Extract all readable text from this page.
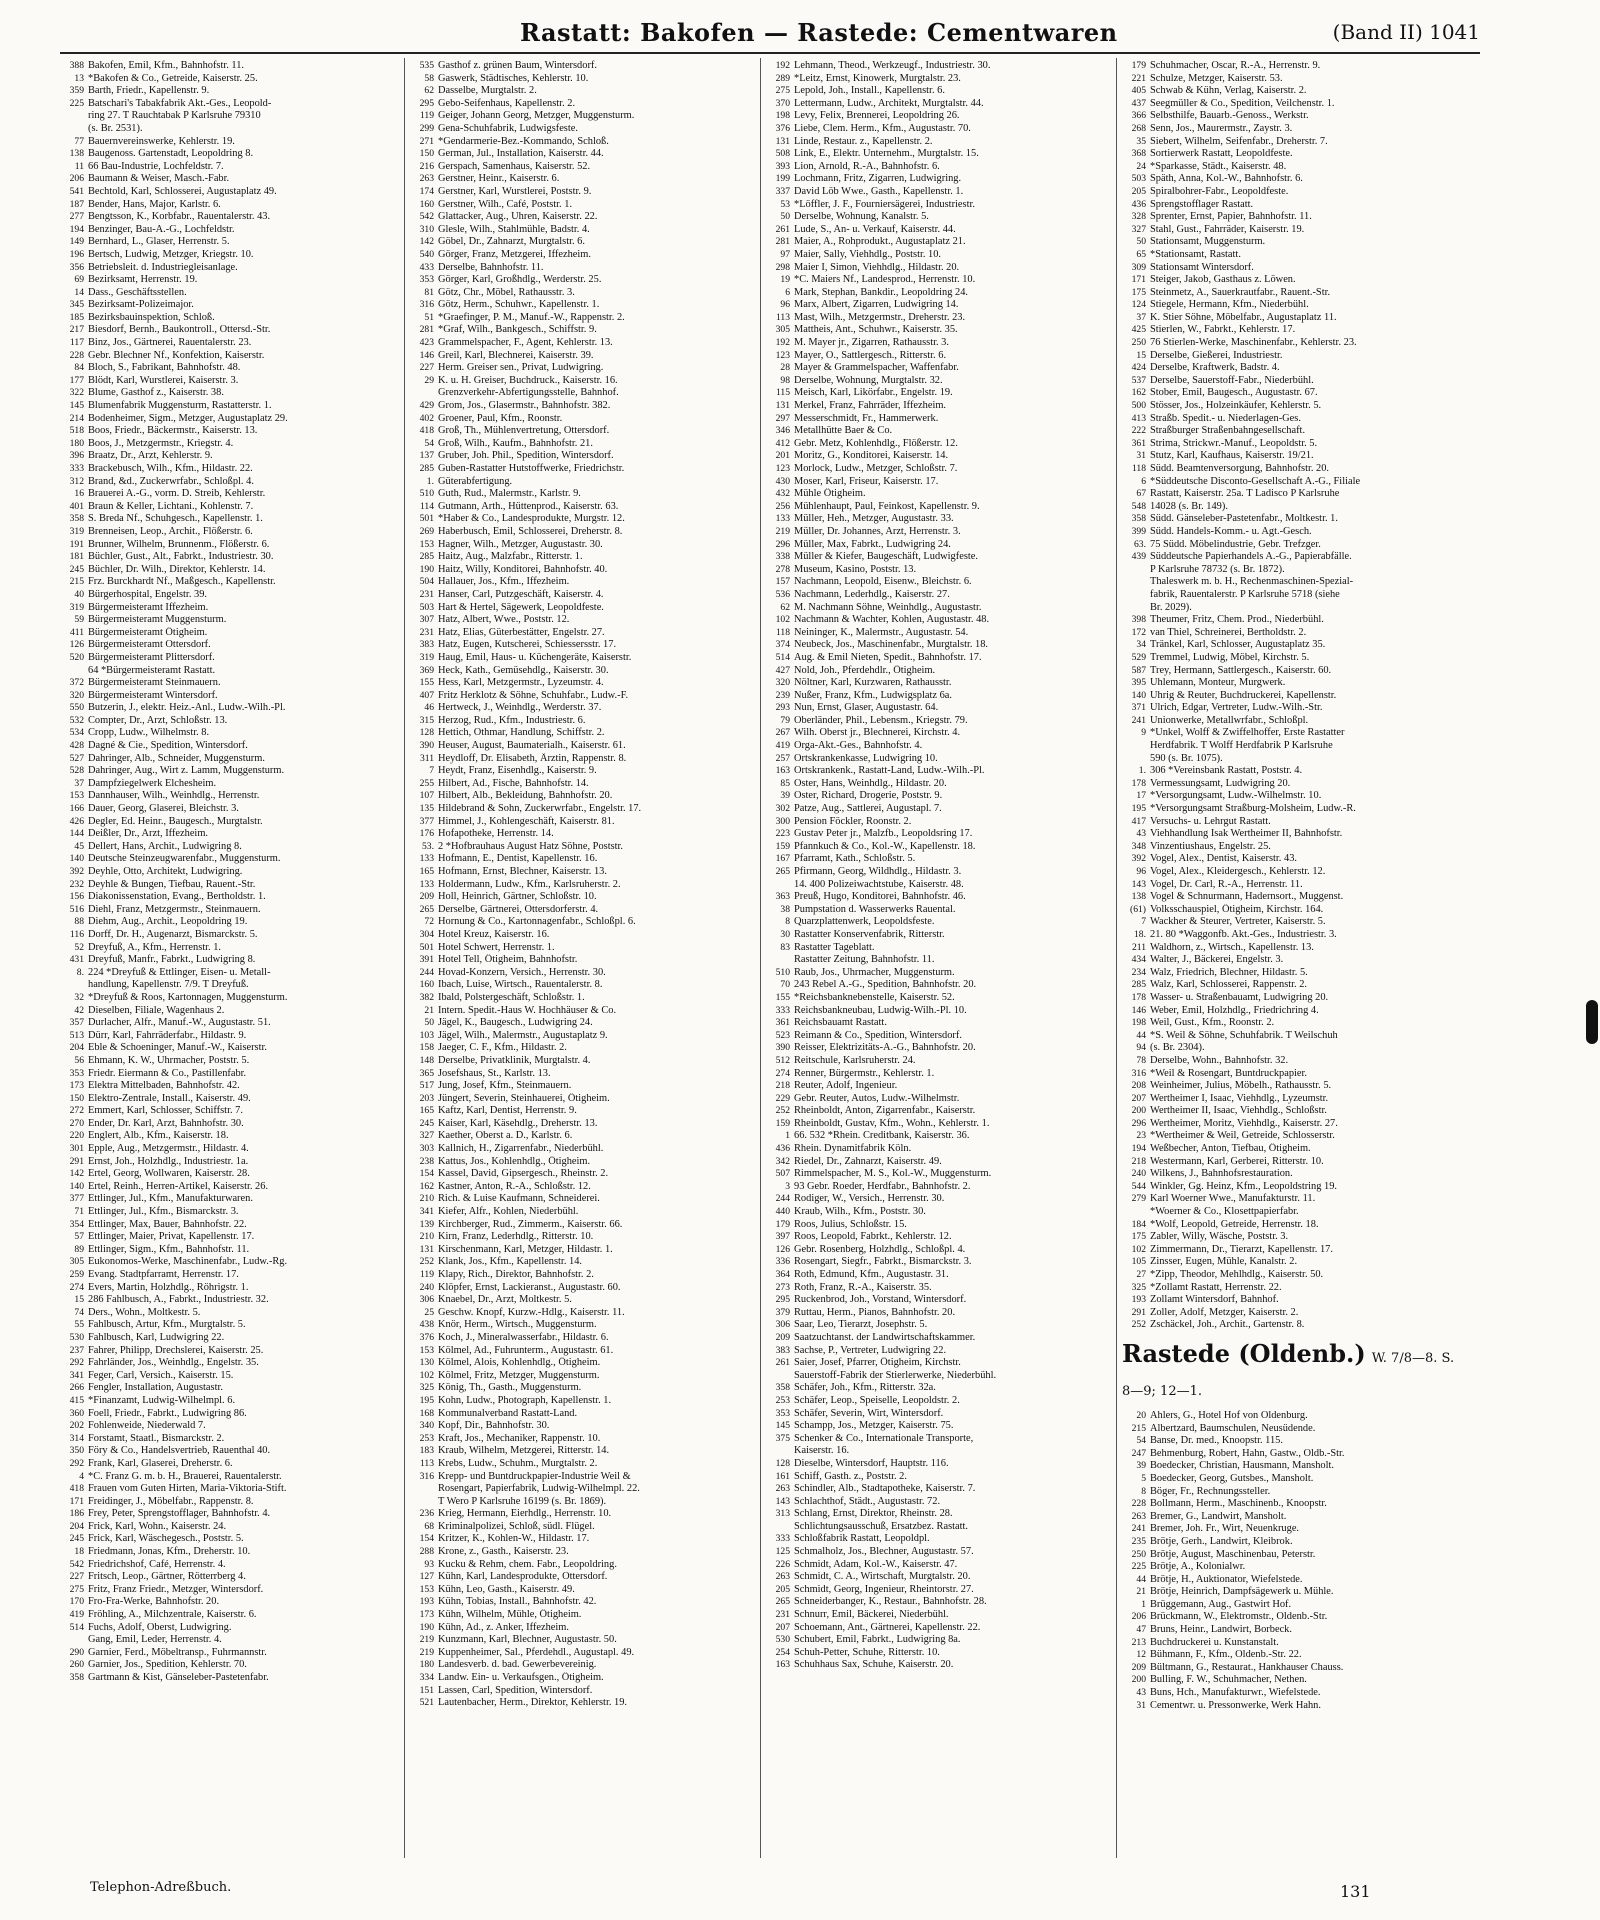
Rastatt: Bakofen — Rastede: Cementwaren	(Band II) 1041
388 Bakofen, Emil, Kfm., Bahnhofstr. 11.
13 *Bakofen & Co., Getreide, Kaiserstr. 25.
359 Barth, Friedr., Kapellenstr. 9.
225 Batschari's Tabakfabrik Akt.-Ges., Leopold-
ring 27. T Rauchtabak P Karlsruhe 79310
(s. Br. 2531).
77 Bauernvereinswerke, Kehlerstr. 19.
138 Baugenoss. Gartenstadt, Leopoldring 8.
11 66 Bau-Industrie, Lochfeldstr. 7.
206 Baumann & Weiser, Masch.-Fabr.
541 Bechtold, Karl, Schlosserei, Augustaplatz 49.
187 Bender, Hans, Major, Karlstr. 6.
277 Bengtsson, K., Korbfabr., Rauentalerstr. 43.
194 Benzinger, Bau-A.-G., Lochfeldstr.
149 Bernhard, L., Glaser, Herrenstr. 5.
196 Bertsch, Ludwig, Metzger, Kriegstr. 10.
356 Betriebsleit. d. Industriegleisanlage.
69 Bezirksamt, Herrenstr. 19.
14 Dass., Geschäftsstellen.
345 Bezirksamt-Polizeimajor.
185 Bezirksbauinspektion, Schloß.
217 Biesdorf, Bernh., Baukontroll., Ottersd.-Str.
117 Binz, Jos., Gärtnerei, Rauentalerstr. 23.
228 Gebr. Blechner Nf., Konfektion, Kaiserstr.
84 Bloch, S., Fabrikant, Bahnhofstr. 48.
177 Blödt, Karl, Wurstlerei, Kaiserstr. 3.
322 Blume, Gasthof z., Kaiserstr. 38.
145 Blumenfabrik Muggensturm, Rastatterstr. 1.
214 Bodenheimer, Sigm., Metzger, Augustaplatz 29.
518 Boos, Friedr., Bäckermstr., Kaiserstr. 13.
180 Boos, J., Metzgermstr., Kriegstr. 4.
396 Braatz, Dr., Arzt, Kehlerstr. 9.
333 Brackebusch, Wilh., Kfm., Hildastr. 22.
312 Brand, &d., Zuckerwrfabr., Schloßpl. 4.
16 Brauerei A.-G., vorm. D. Streib, Kehlerstr.
401 Braun & Keller, Lichtani., Kohlenstr. 7.
358 S. Breda Nf., Schuhgesch., Kapellenstr. 1.
319 Brenneisen, Leop., Archit., Flößerstr. 6.
191 Brunner, Wilhelm, Brunnenm., Flößerstr. 6.
181 Büchler, Gust., Alt., Fabrkt., Industriestr. 30.
245 Büchler, Dr. Wilh., Direktor, Kehlerstr. 14.
215 Frz. Burckhardt Nf., Maßgesch., Kapellenstr.
40 Bürgerhospital, Engelstr. 39.
319 Bürgermeisteramt Iffezheim.
59 Bürgermeisteramt Muggensturm.
411 Bürgermeisteramt Ötigheim.
126 Bürgermeisteramt Ottersdorf.
520 Bürgermeisteramt Plittersdorf.
64 *Bürgermeisteramt Rastatt.
372 Bürgermeisteramt Steinmauern.
320 Bürgermeisteramt Wintersdorf.
550 Butzerin, J., elektr. Heiz.-Anl., Ludw.-Wilh.-Pl.
532 Compter, Dr., Arzt, Schloßstr. 13.
534 Cropp, Ludw., Wilhelmstr. 8.
428 Dagné & Cie., Spedition, Wintersdorf.
527 Dahringer, Alb., Schneider, Muggensturm.
528 Dahringer, Aug., Wirt z. Lamm, Muggensturm.
37 Dampfziegelwerk Elchesheim.
153 Dannhauser, Wilh., Weinhdlg., Herrenstr.
166 Dauer, Georg, Glaserei, Bleichstr. 3.
426 Degler, Ed. Heinr., Baugesch., Murgtalstr.
144 Deißler, Dr., Arzt, Iffezheim.
45 Dellert, Hans, Archit., Ludwigring 8.
140 Deutsche Steinzeugwarenfabr., Muggensturm.
392 Deyhle, Otto, Architekt, Ludwigring.
232 Deyhle & Bungen, Tiefbau, Rauent.-Str.
156 Diakonissenstation, Evang., Bertholdstr. 1.
516 Diehl, Franz, Metzgermstr., Steinmauern.
88 Diehm, Aug., Archit., Leopoldring 19.
116 Dorff, Dr. H., Augenarzt, Bismarckstr. 5.
52 Dreyfuß, A., Kfm., Herrenstr. 1.
431 Dreyfuß, Manfr., Fabrkt., Ludwigring 8.
8. 224 *Dreyfuß & Ettlinger, Eisen- u. Metall-
handlung, Kapellenstr. 7/9. T Dreyfuß.
32 *Dreyfuß & Roos, Kartonnagen, Muggensturm.
42 Dieselben, Filiale, Wagenhaus 2.
357 Durlacher, Alfr., Manuf.-W., Augustastr. 51.
513 Dürr, Karl, Fahrräderfabr., Hildastr. 9.
204 Eble & Schoeninger, Manuf.-W., Kaiserstr.
56 Ehmann, K. W., Uhrmacher, Poststr. 5.
353 Friedr. Eiermann & Co., Pastillenfabr.
173 Elektra Mittelbaden, Bahnhofstr. 42.
150 Elektro-Zentrale, Install., Kaiserstr. 49.
272 Emmert, Karl, Schlosser, Schiffstr. 7.
270 Ender, Dr. Karl, Arzt, Bahnhofstr. 30.
220 Englert, Alb., Kfm., Kaiserstr. 18.
301 Epple, Aug., Metzgermstr., Hildastr. 4.
291 Ernst, Joh., Holzhdlg., Industriestr. 1a.
142 Ertel, Georg, Wollwaren, Kaiserstr. 28.
140 Ertel, Reinh., Herren-Artikel, Kaiserstr. 26.
377 Ettlinger, Jul., Kfm., Manufakturwaren.
71 Ettlinger, Jul., Kfm., Bismarckstr. 3.
354 Ettlinger, Max, Bauer, Bahnhofstr. 22.
57 Ettlinger, Maier, Privat, Kapellenstr. 17.
89 Ettlinger, Sigm., Kfm., Bahnhofstr. 11.
305 Eukonomos-Werke, Maschinenfabr., Ludw.-Rg.
259 Evang. Stadtpfarramt, Herrenstr. 17.
274 Evers, Martin, Holzhdlg., Röhrigstr. 1.
15 286 Fahlbusch, A., Fabrkt., Industriestr. 32.
74 Ders., Wohn., Moltkestr. 5.
55 Fahlbusch, Artur, Kfm., Murgtalstr. 5.
530 Fahlbusch, Karl, Ludwigring 22.
237 Fahrer, Philipp, Drechslerei, Kaiserstr. 25.
292 Fahrländer, Jos., Weinhdlg., Engelstr. 35.
341 Feger, Carl, Versich., Kaiserstr. 15.
266 Fengler, Installation, Augustastr.
415 *Finanzamt, Ludwig-Wilhelmpl. 6.
360 Foell, Friedr., Fabrkt., Ludwigring 86.
202 Fohlenweide, Niederwald 7.
314 Forstamt, Staatl., Bismarckstr. 2.
350 Föry & Co., Handelsvertrieb, Rauenthal 40.
292 Frank, Karl, Glaserei, Dreherstr. 6.
4 *C. Franz G. m. b. H., Brauerei, Rauentalerstr.
418 Frauen vom Guten Hirten, Maria-Viktoria-Stift.
171 Freidinger, J., Möbelfabr., Rappenstr. 8.
186 Frey, Peter, Sprengstofflager, Bahnhofstr. 4.
204 Frick, Karl, Wohn., Kaiserstr. 24.
245 Frick, Karl, Wäschegesch., Poststr. 5.
18 Friedmann, Jonas, Kfm., Dreherstr. 10.
542 Friedrichshof, Café, Herrenstr. 4.
227 Fritsch, Leop., Gärtner, Rötterrberg 4.
275 Fritz, Franz Friedr., Metzger, Wintersdorf.
170 Fro-Fra-Werke, Bahnhofstr. 20.
419 Fröhling, A., Milchzentrale, Kaiserstr. 6.
514 Fuchs, Adolf, Oberst, Ludwigring.
Gang, Emil, Leder, Herrenstr. 4.
290 Garnier, Ferd., Möbeltransp., Fuhrmannstr.
260 Garnier, Jos., Spedition, Kehlerstr. 70.
358 Gartmann & Kist, Gänseleber-Pastetenfabr.
535 Gasthof z. grünen Baum, Wintersdorf.
58 Gaswerk, Städtisches, Kehlerstr. 10.
62 Dasselbe, Murgtalstr. 2.
295 Gebo-Seifenhaus, Kapellenstr. 2.
119 Geiger, Johann Georg, Metzger, Muggensturm.
299 Gena-Schuhfabrik, Ludwigsfeste.
271 *Gendarmerie-Bez.-Kommando, Schloß.
150 German, Jul., Installation, Kaiserstr. 44.
216 Gerspach, Samenhaus, Kaiserstr. 52.
263 Gerstner, Heinr., Kaiserstr. 6.
174 Gerstner, Karl, Wurstlerei, Poststr. 9.
160 Gerstner, Wilh., Café, Poststr. 1.
542 Glattacker, Aug., Uhren, Kaiserstr. 22.
310 Glesle, Wilh., Stahlmühle, Badstr. 4.
142 Göbel, Dr., Zahnarzt, Murgtalstr. 6.
540 Görger, Franz, Metzgerei, Iffezheim.
433 Derselbe, Bahnhofstr. 11.
353 Görger, Karl, Großhdlg., Werderstr. 25.
81 Götz, Chr., Möbel, Rathausstr. 3.
316 Götz, Herm., Schuhwr., Kapellenstr. 1.
51 *Graefinger, P. M., Manuf.-W., Rappenstr. 2.
281 *Graf, Wilh., Bankgesch., Schiffstr. 9.
423 Grammelspacher, F., Agent, Kehlerstr. 13.
146 Greil, Karl, Blechnerei, Kaiserstr. 39.
227 Herm. Greiser sen., Privat, Ludwigring.
29 K. u. H. Greiser, Buchdruck., Kaiserstr. 16.
Grenzverkehr-Abfertigungsstelle, Bahnhof.
429 Grom, Jos., Glasermstr., Bahnhofstr. 382.
402 Groener, Paul, Kfm., Roonstr.
418 Groß, Th., Mühlenvertretung, Ottersdorf.
54 Groß, Wilh., Kaufm., Bahnhofstr. 21.
137 Gruber, Joh. Phil., Spedition, Wintersdorf.
285 Guben-Rastatter Hutstoffwerke, Friedrichstr.
1. Güterabfertigung.
510 Guth, Rud., Malermstr., Karlstr. 9.
114 Gutmann, Arth., Hüttenprod., Kaiserstr. 63.
501 *Haber & Co., Landesprodukte, Murgstr. 12.
269 Haberbusch, Emil, Schlosserei, Dreherstr. 8.
153 Hagner, Wilh., Metzger, Augustastr. 30.
285 Haitz, Aug., Malzfabr., Ritterstr. 1.
190 Haitz, Willy, Konditorei, Bahnhofstr. 40.
504 Hallauer, Jos., Kfm., Iffezheim.
231 Hanser, Carl, Putzgeschäft, Kaiserstr. 4.
503 Hart & Hertel, Sägewerk, Leopoldfeste.
307 Hatz, Albert, Wwe., Poststr. 12.
231 Hatz, Elias, Güterbestätter, Engelstr. 27.
383 Hatz, Eugen, Kutscherei, Schiessersstr. 17.
319 Haug, Emil, Haus- u. Küchengeräte, Kaiserstr.
369 Heck, Kath., Gemüsehdlg., Kaiserstr. 30.
155 Hess, Karl, Metzgermstr., Lyzeumstr. 4.
407 Fritz Herklotz & Söhne, Schuhfabr., Ludw.-F.
46 Hertweck, J., Weinhdlg., Werderstr. 37.
315 Herzog, Rud., Kfm., Industriestr. 6.
128 Hettich, Othmar, Handlung, Schiffstr. 2.
390 Heuser, August, Baumaterialh., Kaiserstr. 61.
311 Heydloff, Dr. Elisabeth, Ärztin, Rappenstr. 8.
7 Heydt, Franz, Eisenhdlg., Kaiserstr. 9.
255 Hilbert, Ad., Fische, Bahnhofstr. 14.
107 Hilbert, Alb., Bekleidung, Bahnhofstr. 20.
135 Hildebrand & Sohn, Zuckerwrfabr., Engelstr. 17.
377 Himmel, J., Kohlengeschäft, Kaiserstr. 81.
176 Hofapotheke, Herrenstr. 14.
53. 2 *Hofbrauhaus August Hatz Söhne, Poststr.
133 Hofmann, E., Dentist, Kapellenstr. 16.
165 Hofmann, Ernst, Blechner, Kaiserstr. 13.
133 Holdermann, Ludw., Kfm., Karlsruherstr. 2.
209 Holl, Heinrich, Gärtner, Schloßstr. 10.
265 Derselbe, Gärtnerei, Ottersdorferstr. 4.
72 Hornung & Co., Kartonnagenfabr., Schloßpl. 6.
304 Hotel Kreuz, Kaiserstr. 16.
501 Hotel Schwert, Herrenstr. 1.
391 Hotel Tell, Ötigheim, Bahnhofstr.
244 Hovad-Konzern, Versich., Herrenstr. 30.
160 Ibach, Luise, Wirtsch., Rauentalerstr. 8.
382 Ibald, Polstergeschäft, Schloßstr. 1.
21 Intern. Spedit.-Haus W. Hochhäuser & Co.
50 Jägel, K., Baugesch., Ludwigring 24.
103 Jägel, Wilh., Malermstr., Augustaplatz 9.
158 Jaeger, C. F., Kfm., Hildastr. 2.
148 Derselbe, Privatklinik, Murgtalstr. 4.
365 Josefshaus, St., Karlstr. 13.
517 Jung, Josef, Kfm., Steinmauern.
203 Jüngert, Severin, Steinhauerei, Ötigheim.
165 Kaftz, Karl, Dentist, Herrenstr. 9.
245 Kaiser, Karl, Käsehdlg., Dreherstr. 13.
327 Kaether, Oberst a. D., Karlstr. 6.
303 Kallnich, H., Zigarrenfabr., Niederbühl.
238 Kattus, Jos., Kohlenhdlg., Ötigheim.
154 Kassel, David, Gipsergesch., Rheinstr. 2.
162 Kastner, Anton, R.-A., Schloßstr. 12.
210 Rich. & Luise Kaufmann, Schneiderei.
341 Kiefer, Alfr., Kohlen, Niederbühl.
139 Kirchberger, Rud., Zimmerm., Kaiserstr. 66.
210 Kirn, Franz, Lederhdlg., Ritterstr. 10.
131 Kirschenmann, Karl, Metzger, Hildastr. 1.
252 Klank, Jos., Kfm., Kapellenstr. 14.
119 Klapy, Rich., Direktor, Bahnhofstr. 2.
240 Klöpfer, Ernst, Lackieranst., Augustastr. 60.
306 Knaebel, Dr., Arzt, Moltkestr. 5.
25 Geschw. Knopf, Kurzw.-Hdlg., Kaiserstr. 11.
438 Knör, Herm., Wirtsch., Muggensturm.
376 Koch, J., Mineralwasserfabr., Hildastr. 6.
153 Kölmel, Ad., Fuhrunterm., Augustastr. 61.
130 Kölmel, Alois, Kohlenhdlg., Ötigheim.
102 Kölmel, Fritz, Metzger, Muggensturm.
325 König, Th., Gasth., Muggensturm.
195 Kohn, Ludw., Photograph, Kapellenstr. 1.
168 Kommunalverband Rastatt-Land.
340 Kopf, Dir., Bahnhofstr. 30.
253 Kraft, Jos., Mechaniker, Rappenstr. 10.
183 Kraub, Wilhelm, Metzgerei, Ritterstr. 14.
113 Krebs, Ludw., Schuhm., Murgtalstr. 2.
316 Krepp- und Buntdruckpapier-Industrie Weil &
Rosengart, Papierfabrik, Ludwig-Wilhelmpl. 22.
T Wero P Karlsruhe 16199 (s. Br. 1869).
236 Krieg, Hermann, Eierhdlg., Herrenstr. 10.
68 Kriminalpolizei, Schloß, südl. Flügel.
154 Kritzer, K., Kohlen-W., Hildastr. 17.
288 Krone, z., Gasth., Kaiserstr. 23.
93 Kucku & Rehm, chem. Fabr., Leopoldring.
127 Kühn, Karl, Landesprodukte, Ottersdorf.
153 Kühn, Leo, Gasth., Kaiserstr. 49.
193 Kühn, Tobias, Install., Bahnhofstr. 42.
173 Kühn, Wilhelm, Mühle, Ötigheim.
190 Kühn, Ad., z. Anker, Iffezheim.
219 Kunzmann, Karl, Blechner, Augustastr. 50.
219 Kuppenheimer, Sal., Pferdehdl., Augustapl. 49.
180 Landesverb. d. bad. Gewerbevereinig.
334 Landw. Ein- u. Verkaufsgen., Ötigheim.
151 Lassen, Carl, Spedition, Wintersdorf.
521 Lautenbacher, Herm., Direktor, Kehlerstr. 19.
192 Lehmann, Theod., Werkzeugf., Industriestr. 30.
289 *Leitz, Ernst, Kinowerk, Murgtalstr. 23.
275 Lepold, Joh., Install., Kapellenstr. 6.
370 Lettermann, Ludw., Architekt, Murgtalstr. 44.
198 Levy, Felix, Brennerei, Leopoldring 26.
376 Liebe, Clem. Herm., Kfm., Augustastr. 70.
131 Linde, Restaur. z., Kapellenstr. 2.
508 Link, E., Elektr. Unternehm., Murgtalstr. 15.
393 Lion, Arnold, R.-A., Bahnhofstr. 6.
199 Lochmann, Fritz, Zigarren, Ludwigring.
337 David Löb Wwe., Gasth., Kapellenstr. 1.
53 *Löffler, J. F., Fourniersägerei, Industriestr.
50 Derselbe, Wohnung, Kanalstr. 5.
261 Lude, S., An- u. Verkauf, Kaiserstr. 44.
281 Maier, A., Rohprodukt., Augustaplatz 21.
97 Maier, Sally, Viehhdlg., Poststr. 10.
298 Maier I, Simon, Viehhdlg., Hildastr. 20.
19 *C. Maiers Nf., Landesprod., Herrenstr. 10.
6 Mark, Stephan, Bankdir., Leopoldring 24.
96 Marx, Albert, Zigarren, Ludwigring 14.
113 Mast, Wilh., Metzgermstr., Dreherstr. 23.
305 Mattheis, Ant., Schuhwr., Kaiserstr. 35.
192 M. Mayer jr., Zigarren, Rathausstr. 3.
123 Mayer, O., Sattlergesch., Ritterstr. 6.
28 Mayer & Grammelspacher, Waffenfabr.
98 Derselbe, Wohnung, Murgtalstr. 32.
115 Meisch, Karl, Likörfabr., Engelstr. 19.
131 Merkel, Franz, Fahrräder, Iffezheim.
297 Messerschmidt, Fr., Hammerwerk.
346 Metallhütte Baer & Co.
412 Gebr. Metz, Kohlenhdlg., Flößerstr. 12.
201 Moritz, G., Konditorei, Kaiserstr. 14.
123 Morlock, Ludw., Metzger, Schloßstr. 7.
430 Moser, Karl, Friseur, Kaiserstr. 17.
432 Mühle Ötigheim.
256 Mühlenhaupt, Paul, Feinkost, Kapellenstr. 9.
133 Müller, Heh., Metzger, Augustastr. 33.
219 Müller, Dr. Johannes, Arzt, Herrenstr. 3.
296 Müller, Max, Fabrkt., Ludwigring 24.
338 Müller & Kiefer, Baugeschäft, Ludwigfeste.
278 Museum, Kasino, Poststr. 13.
157 Nachmann, Leopold, Eisenw., Bleichstr. 6.
536 Nachmann, Lederhdlg., Kaiserstr. 27.
62 M. Nachmann Söhne, Weinhdlg., Augustastr.
102 Nachmann & Wachter, Kohlen, Augustastr. 48.
118 Neininger, K., Malermstr., Augustastr. 54.
374 Neubeck, Jos., Maschinenfabr., Murgtalstr. 18.
514 Aug. & Emil Nieten, Spedit., Bahnhofstr. 17.
427 Nold, Joh., Pferdehdlr., Ötigheim.
320 Nöltner, Karl, Kurzwaren, Rathausstr.
239 Nußer, Franz, Kfm., Ludwigsplatz 6a.
293 Nun, Ernst, Glaser, Augustastr. 64.
79 Oberländer, Phil., Lebensm., Kriegstr. 79.
267 Wilh. Oberst jr., Blechnerei, Kirchstr. 4.
419 Orga-Akt.-Ges., Bahnhofstr. 4.
257 Ortskrankenkasse, Ludwigring 10.
163 Ortskrankenk., Rastatt-Land, Ludw.-Wilh.-Pl.
85 Oster, Hans, Weinhdlg., Hildastr. 20.
39 Oster, Richard, Drogerie, Poststr. 9.
302 Patze, Aug., Sattlerei, Augustapl. 7.
300 Pension Föckler, Roonstr. 2.
223 Gustav Peter jr., Malzfb., Leopoldsring 17.
159 Pfannkuch & Co., Kol.-W., Kapellenstr. 18.
167 Pfarramt, Kath., Schloßstr. 5.
265 Pfirmann, Georg, Wildhdlg., Hildastr. 3.
14. 400 Polizeiwachtstube, Kaiserstr. 48.
363 Preuß, Hugo, Konditorei, Bahnhofstr. 46.
38 Pumpstation d. Wasserwerks Rauental.
8 Quarzplattenwerk, Leopoldsfeste.
30 Rastatter Konservenfabrik, Ritterstr.
83 Rastatter Tageblatt.
Rastatter Zeitung, Bahnhofstr. 11.
510 Raub, Jos., Uhrmacher, Muggensturm.
70 243 Rebel A.-G., Spedition, Bahnhofstr. 20.
155 *Reichsbanknebenstelle, Kaiserstr. 52.
333 Reichsbankneubau, Ludwig-Wilh.-Pl. 10.
361 Reichsbauamt Rastatt.
523 Reimann & Co., Spedition, Wintersdorf.
390 Reisser, Elektrizitäts-A.-G., Bahnhofstr. 20.
512 Reitschule, Karlsruherstr. 24.
274 Renner, Bürgermstr., Kehlerstr. 1.
218 Reuter, Adolf, Ingenieur.
229 Gebr. Reuter, Autos, Ludw.-Wilhelmstr.
252 Rheinboldt, Anton, Zigarrenfabr., Kaiserstr.
159 Rheinboldt, Gustav, Kfm., Wohn., Kehlerstr. 1.
1 66. 532 *Rhein. Creditbank, Kaiserstr. 36.
436 Rhein. Dynamitfabrik Köln.
342 Riedel, Dr., Zahnarzt, Kaiserstr. 49.
507 Rimmelspacher, M. S., Kol.-W., Muggensturm.
3 93 Gebr. Roeder, Herdfabr., Bahnhofstr. 2.
244 Rodiger, W., Versich., Herrenstr. 30.
440 Kraub, Wilh., Kfm., Poststr. 30.
179 Roos, Julius, Schloßstr. 15.
397 Roos, Leopold, Fabrkt., Kehlerstr. 12.
126 Gebr. Rosenberg, Holzhdlg., Schloßpl. 4.
336 Rosengart, Siegfr., Fabrkt., Bismarckstr. 3.
364 Roth, Edmund, Kfm., Augustastr. 31.
273 Roth, Franz, R.-A., Kaiserstr. 35.
295 Ruckenbrod, Joh., Vorstand, Wintersdorf.
379 Ruttau, Herm., Pianos, Bahnhofstr. 20.
306 Saar, Leo, Tierarzt, Josephstr. 5.
209 Saatzuchtanst. der Landwirtschaftskammer.
383 Sachse, P., Vertreter, Ludwigring 22.
261 Saier, Josef, Pfarrer, Ötigheim, Kirchstr.
Sauerstoff-Fabrik der Stierlerwerke, Niederbühl.
358 Schäfer, Joh., Kfm., Ritterstr. 32a.
253 Schäfer, Leop., Speiselle, Leopoldstr. 2.
353 Schäfer, Severin, Wirt, Wintersdorf.
145 Schampp, Jos., Metzger, Kaiserstr. 75.
375 Schenker & Co., Internationale Transporte,
Kaiserstr. 16.
128 Dieselbe, Wintersdorf, Hauptstr. 116.
161 Schiff, Gasth. z., Poststr. 2.
263 Schindler, Alb., Stadtapotheke, Kaiserstr. 7.
143 Schlachthof, Städt., Augustastr. 72.
313 Schlang, Ernst, Direktor, Rheinstr. 28.
Schlichtungsausschuß, Ersatzbez. Rastatt.
333 Schloßfabrik Rastatt, Leopoldpl.
125 Schmalholz, Jos., Blechner, Augustastr. 57.
226 Schmidt, Adam, Kol.-W., Kaiserstr. 47.
263 Schmidt, C. A., Wirtschaft, Murgtalstr. 20.
205 Schmidt, Georg, Ingenieur, Rheintorstr. 27.
265 Schneiderbanger, K., Restaur., Bahnhofstr. 28.
231 Schnurr, Emil, Bäckerei, Niederbühl.
207 Schoemann, Ant., Gärtnerei, Kapellenstr. 22.
530 Schubert, Emil, Fabrkt., Ludwigring 8a.
254 Schuh-Petter, Schuhe, Ritterstr. 10.
163 Schuhhaus Sax, Schuhe, Kaiserstr. 20.
179 Schuhmacher, Oscar, R.-A., Herrenstr. 9.
221 Schulze, Metzger, Kaiserstr. 53.
405 Schwab & Kühn, Verlag, Kaiserstr. 2.
437 Seegmüller & Co., Spedition, Veilchenstr. 1.
366 Selbsthilfe, Bauarb.-Genoss., Werkstr.
268 Senn, Jos., Maurermstr., Zaystr. 3.
35 Siebert, Wilhelm, Seifenfabr., Dreherstr. 7.
368 Sortierwerk Rastatt, Leopoldfeste.
24 *Sparkasse, Städt., Kaiserstr. 48.
503 Späth, Anna, Kol.-W., Bahnhofstr. 6.
205 Spiralbohrer-Fabr., Leopoldfeste.
436 Sprengstofflager Rastatt.
328 Sprenter, Ernst, Papier, Bahnhofstr. 11.
327 Stahl, Gust., Fahrräder, Kaiserstr. 19.
50 Stationsamt, Muggensturm.
65 *Stationsamt, Rastatt.
309 Stationsamt Wintersdorf.
171 Steiger, Jakob, Gasthaus z. Löwen.
175 Steinmetz, A., Sauerkrautfabr., Rauent.-Str.
124 Stiegele, Hermann, Kfm., Niederbühl.
37 K. Stier Söhne, Möbelfabr., Augustaplatz 11.
425 Stierlen, W., Fabrkt., Kehlerstr. 17.
250 76 Stierlen-Werke, Maschinenfabr., Kehlerstr. 23.
15 Derselbe, Gießerei, Industriestr.
424 Derselbe, Kraftwerk, Badstr. 4.
537 Derselbe, Sauerstoff-Fabr., Niederbühl.
162 Stober, Emil, Baugesch., Augustastr. 67.
500 Stösser, Jos., Holzeinkäufer, Kehlerstr. 5.
413 Straßb. Spedit.- u. Niederlagen-Ges.
222 Straßburger Straßenbahngesellschaft.
361 Strima, Strickwr.-Manuf., Leopoldstr. 5.
31 Stutz, Karl, Kaufhaus, Kaiserstr. 19/21.
118 Südd. Beamtenversorgung, Bahnhofstr. 20.
6 *Süddeutsche Disconto-Gesellschaft A.-G., Filiale
67 Rastatt, Kaiserstr. 25a. T Ladisco P Karlsruhe
548 14028 (s. Br. 149).
358 Südd. Gänseleber-Pastetenfabr., Moltkestr. 1.
399 Südd. Handels-Komm.- u. Agt.-Gesch.
63. 75 Südd. Möbelindustrie, Gebr. Trefzger.
439 Süddeutsche Papierhandels A.-G., Papierabfälle.
P Karlsruhe 78732 (s. Br. 1872).
Thaleswerk m. b. H., Rechenmaschinen-Spezial-
fabrik, Rauentalerstr. P Karlsruhe 5718 (siehe
Br. 2029).
398 Theumer, Fritz, Chem. Prod., Niederbühl.
172 van Thiel, Schreinerei, Bertholdstr. 2.
34 Tränkel, Karl, Schlosser, Augustaplatz 35.
529 Tremmel, Ludwig, Möbel, Kirchstr. 5.
587 Trey, Hermann, Sattlergesch., Kaiserstr. 60.
395 Uhlemann, Monteur, Murgwerk.
140 Uhrig & Reuter, Buchdruckerei, Kapellenstr.
371 Ulrich, Edgar, Vertreter, Ludw.-Wilh.-Str.
241 Unionwerke, Metallwrfabr., Schloßpl.
9 *Unkel, Wolff & Zwiffelhoffer, Erste Rastatter
Herdfabrik. T Wolff Herdfabrik P Karlsruhe
590 (s. Br. 1075).
1. 306 *Vereinsbank Rastatt, Poststr. 4.
178 Vermessungsamt, Ludwigring 20.
17 *Versorgungsamt, Ludw.-Wilhelmstr. 10.
195 *Versorgungsamt Straßburg-Molsheim, Ludw.-R.
417 Versuchs- u. Lehrgut Rastatt.
43 Viehhandlung Isak Wertheimer II, Bahnhofstr.
348 Vinzentiushaus, Engelstr. 25.
392 Vogel, Alex., Dentist, Kaiserstr. 43.
96 Vogel, Alex., Kleidergesch., Kehlerstr. 12.
143 Vogel, Dr. Carl, R.-A., Herrenstr. 11.
138 Vogel & Schnurmann, Hadernsort., Muggenst.
(61) Volksschauspiel, Ötigheim, Kirchstr. 164.
7 Wackher & Steurer, Vertreter, Kaiserstr. 5.
18. 21. 80 *Waggonfb. Akt.-Ges., Industriestr. 3.
211 Waldhorn, z., Wirtsch., Kapellenstr. 13.
434 Walter, J., Bäckerei, Engelstr. 3.
234 Walz, Friedrich, Blechner, Hildastr. 5.
285 Walz, Karl, Schlosserei, Rappenstr. 2.
178 Wasser- u. Straßenbauamt, Ludwigring 20.
146 Weber, Emil, Holzhdlg., Friedrichring 4.
198 Weil, Gust., Kfm., Roonstr. 2.
44 *S. Weil & Söhne, Schuhfabrik. T Weilschuh
94 (s. Br. 2304).
78 Derselbe, Wohn., Bahnhofstr. 32.
316 *Weil & Rosengart, Buntdruckpapier.
208 Weinheimer, Julius, Möbelh., Rathausstr. 5.
207 Wertheimer I, Isaac, Viehhdlg., Lyzeumstr.
200 Wertheimer II, Isaac, Viehhdlg., Schloßstr.
296 Wertheimer, Moritz, Viehhdlg., Kaiserstr. 27.
23 *Wertheimer & Weil, Getreide, Schlosserstr.
194 Weßbecher, Anton, Tiefbau, Ötigheim.
218 Westermann, Karl, Gerberei, Ritterstr. 10.
240 Wilkens, J., Bahnhofsrestauration.
544 Winkler, Gg. Heinz, Kfm., Leopoldstring 19.
279 Karl Woerner Wwe., Manufakturstr. 11.
*Woerner & Co., Klosettpapierfabr.
184 *Wolf, Leopold, Getreide, Herrenstr. 18.
175 Zabler, Willy, Wäsche, Poststr. 3.
102 Zimmermann, Dr., Tierarzt, Kapellenstr. 17.
105 Zinsser, Eugen, Mühle, Kanalstr. 2.
27 *Zipp, Theodor, Mehlhdlg., Kaiserstr. 50.
325 *Zollamt Rastatt, Herrenstr. 22.
193 Zollamt Wintersdorf, Bahnhof.
291 Zoller, Adolf, Metzger, Kaiserstr. 2.
252 Zschäckel, Joh., Archit., Gartenstr. 8.
Rastede (Oldenb.) W. 7/8—8. S. 8—9; 12—1.
20 Ahlers, G., Hotel Hof von Oldenburg.
215 Albertzard, Baumschulen, Neusüdende.
54 Banse, Dr. med., Knoopstr. 115.
247 Behmenburg, Robert, Hahn, Gastw., Oldb.-Str.
39 Boedecker, Christian, Hausmann, Mansholt.
5 Boedecker, Georg, Gutsbes., Mansholt.
8 Böger, Fr., Rechnungssteller.
228 Bollmann, Herm., Maschinenb., Knoopstr.
263 Bremer, G., Landwirt, Mansholt.
241 Bremer, Joh. Fr., Wirt, Neuenkruge.
235 Brötje, Gerh., Landwirt, Kleibrok.
250 Brötje, August, Maschinenbau, Peterstr.
225 Brötje, A., Kolonialwr.
44 Brötje, H., Auktionator, Wiefelstede.
21 Brötje, Heinrich, Dampfsägewerk u. Mühle.
1 Brüggemann, Aug., Gastwirt Hof.
206 Brückmann, W., Elektromstr., Oldenb.-Str.
47 Bruns, Heinr., Landwirt, Borbeck.
213 Buchdruckerei u. Kunstanstalt.
12 Bühmann, F., Kfm., Oldenb.-Str. 22.
209 Bültmann, G., Restaurat., Hankhauser Chauss.
200 Bulling, F. W., Schuhmacher, Nethen.
43 Buns, Hch., Manufakturwr., Wiefelstede.
31 Cementwr. u. Pressonwerke, Werk Hahn.
Telephon-Adreßbuch.	131
